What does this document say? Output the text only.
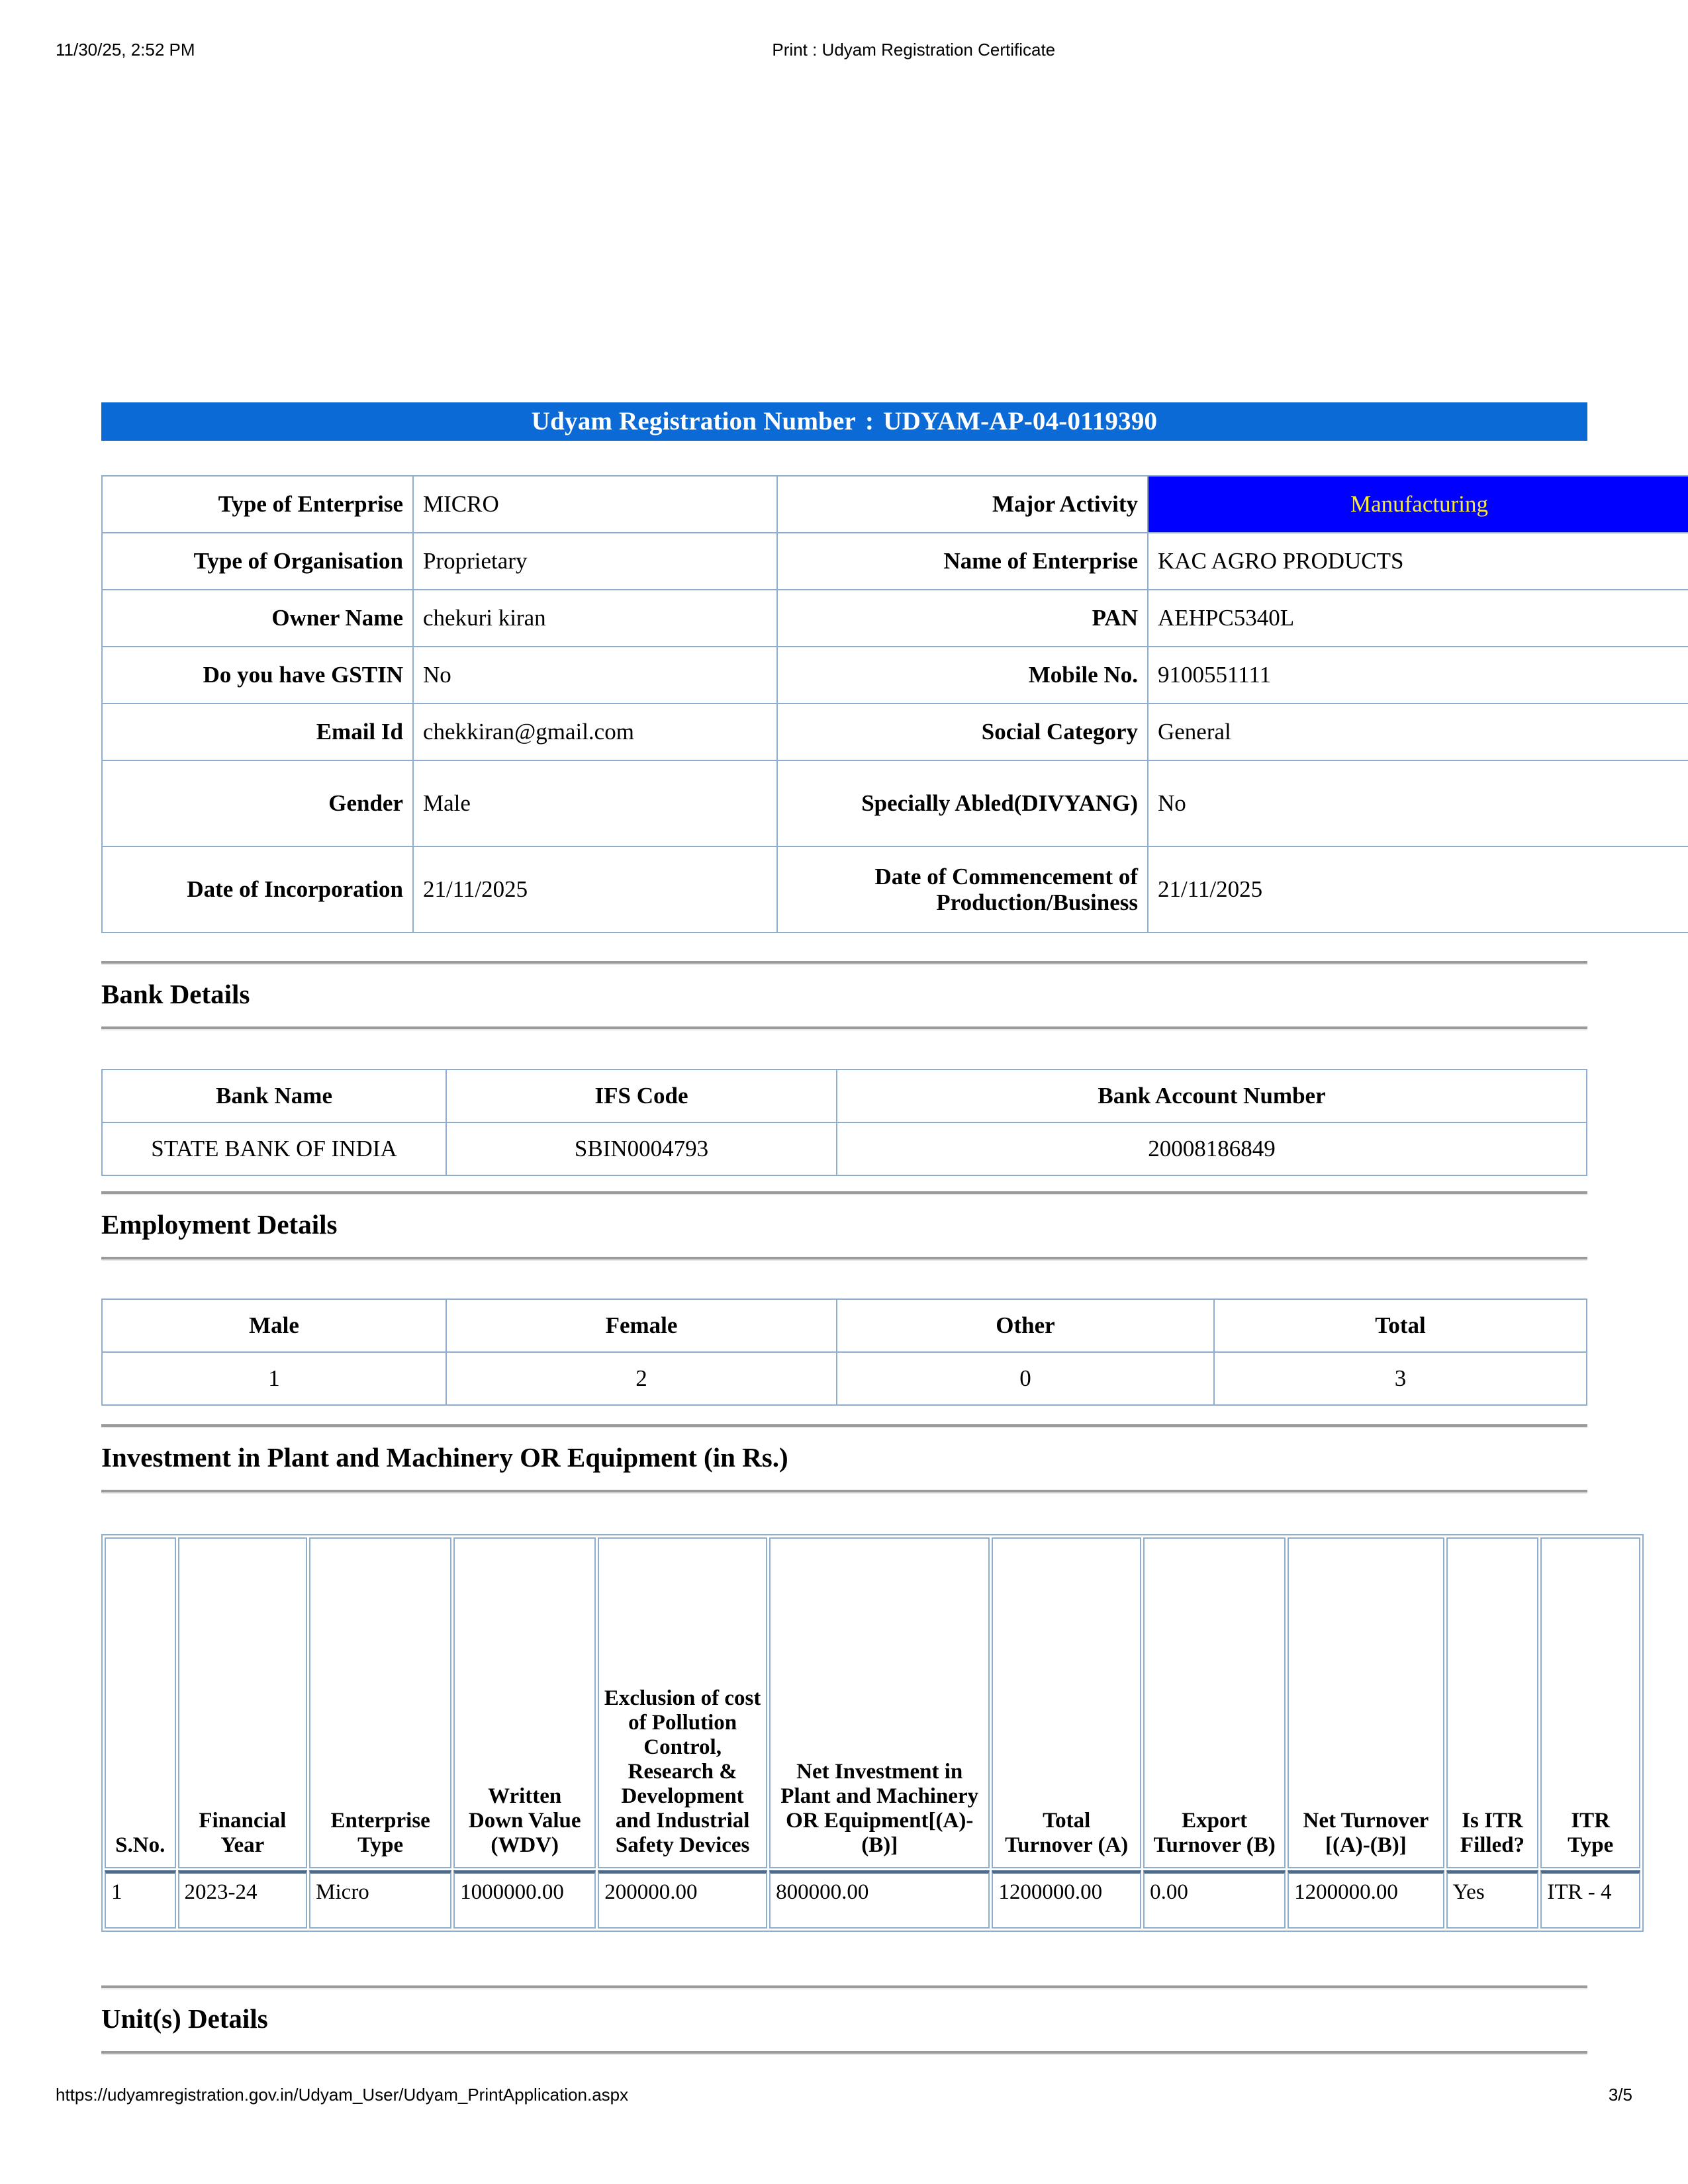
11/30/25, 2:52 PM	Print : Udyam Registration Certificate
Udyam Registration Number : UDYAM-AP-04-0119390
Type of Enterprise	MICRO	Major Activity	Manufacturing
Type of Organisation	Proprietary	Name of Enterprise	KAC AGRO PRODUCTS
Owner Name	chekuri kiran	PAN	AEHPC5340L
Do you have GSTIN	No	Mobile No.	9100551111
Email Id	chekkiran@gmail.com	Social Category	General
Gender	Male	Specially Abled(DIVYANG)	No
Date of Incorporation	21/11/2025	Date of Commencement of Production/Business	21/11/2025
Bank Details
Bank Name	IFS Code	Bank Account Number
STATE BANK OF INDIA	SBIN0004793	20008186849
Employment Details
Male	Female	Other	Total
1	2	0	3
Investment in Plant and Machinery OR Equipment (in Rs.)
S.No.	Financial Year	Enterprise Type	Written Down Value (WDV)	Exclusion of cost of Pollution Control, Research & Development and Industrial Safety Devices	Net Investment in Plant and Machinery OR Equipment[(A)-(B)]	Total Turnover (A)	Export Turnover (B)	Net Turnover [(A)-(B)]	Is ITR Filled?	ITR Type
1	2023-24	Micro	1000000.00	200000.00	800000.00	1200000.00	0.00	1200000.00	Yes	ITR - 4
Unit(s) Details
https://udyamregistration.gov.in/Udyam_User/Udyam_PrintApplication.aspx	3/5
